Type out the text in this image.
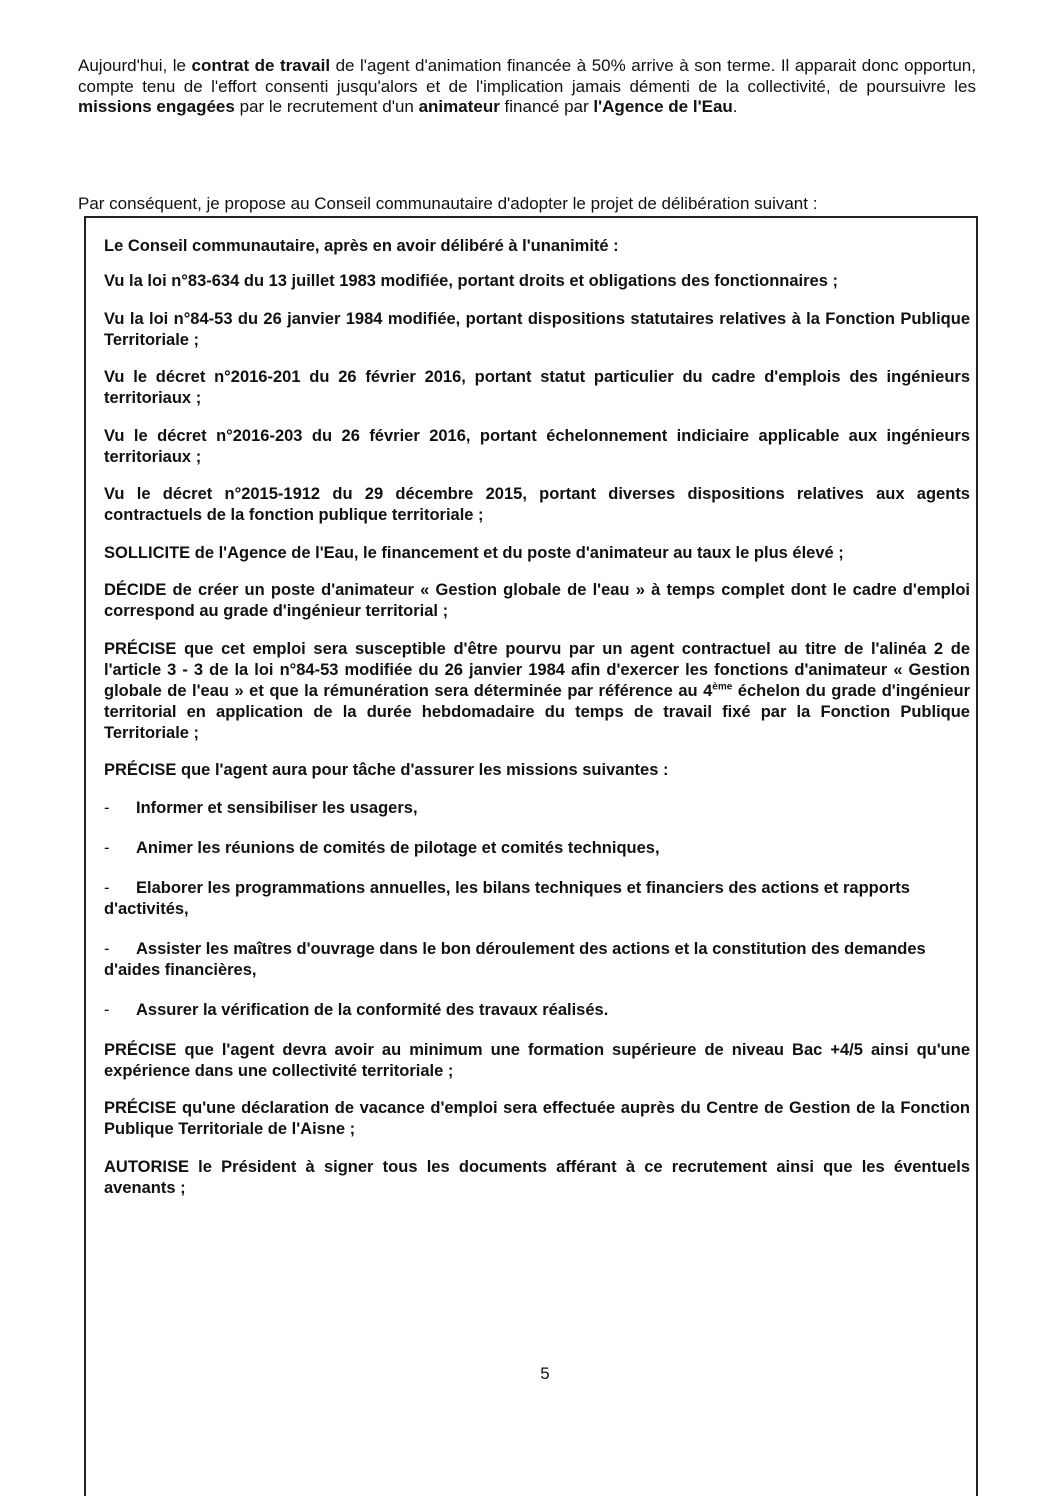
Aujourd'hui, le contrat de travail de l'agent d'animation financée à 50% arrive à son terme. Il apparait donc opportun, compte tenu de l'effort consenti jusqu'alors et de l'implication jamais démenti de la collectivité, de poursuivre les missions engagées par le recrutement d'un animateur financé par l'Agence de l'Eau.

Par conséquent, je propose au Conseil communautaire d'adopter le projet de délibération suivant :

Le Conseil communautaire, après en avoir délibéré à l'unanimité :

Vu la loi n°83-634 du 13 juillet 1983 modifiée, portant droits et obligations des fonctionnaires ;

Vu la loi n°84-53 du 26 janvier 1984 modifiée, portant dispositions statutaires relatives à la Fonction Publique Territoriale ;

Vu le décret n°2016-201 du 26 février 2016, portant statut particulier du cadre d'emplois des ingénieurs territoriaux ;

Vu le décret n°2016-203 du 26 février 2016, portant échelonnement indiciaire applicable aux ingénieurs territoriaux ;

Vu le décret n°2015-1912 du 29 décembre 2015, portant diverses dispositions relatives aux agents contractuels de la fonction publique territoriale ;

SOLLICITE de l'Agence de l'Eau, le financement et du poste d'animateur au taux le plus élevé ;

DÉCIDE de créer un poste d'animateur « Gestion globale de l'eau » à temps complet dont le cadre d'emploi correspond au grade d'ingénieur territorial ;

PRÉCISE que cet emploi sera susceptible d'être pourvu par un agent contractuel au titre de l'alinéa 2 de l'article 3 - 3 de la loi n°84-53 modifiée du 26 janvier 1984 afin d'exercer les fonctions d'animateur « Gestion globale de l'eau » et que la rémunération sera déterminée par référence au 4ème échelon du grade d'ingénieur territorial en application de la durée hebdomadaire du temps de travail fixé par la Fonction Publique Territoriale ;

PRÉCISE que l'agent aura pour tâche d'assurer les missions suivantes :

- Informer et sensibiliser les usagers,
- Animer les réunions de comités de pilotage et comités techniques,
- Elaborer les programmations annuelles, les bilans techniques et financiers des actions et rapports d'activités,
- Assister les maîtres d'ouvrage dans le bon déroulement des actions et la constitution des demandes d'aides financières,
- Assurer la vérification de la conformité des travaux réalisés.

PRÉCISE que l'agent devra avoir au minimum une formation supérieure de niveau Bac +4/5 ainsi qu'une expérience dans une collectivité territoriale ;

PRÉCISE qu'une déclaration de vacance d'emploi sera effectuée auprès du Centre de Gestion de la Fonction Publique Territoriale de l'Aisne ;

AUTORISE le Président à signer tous les documents afférant à ce recrutement ainsi que les éventuels avenants ;

5
